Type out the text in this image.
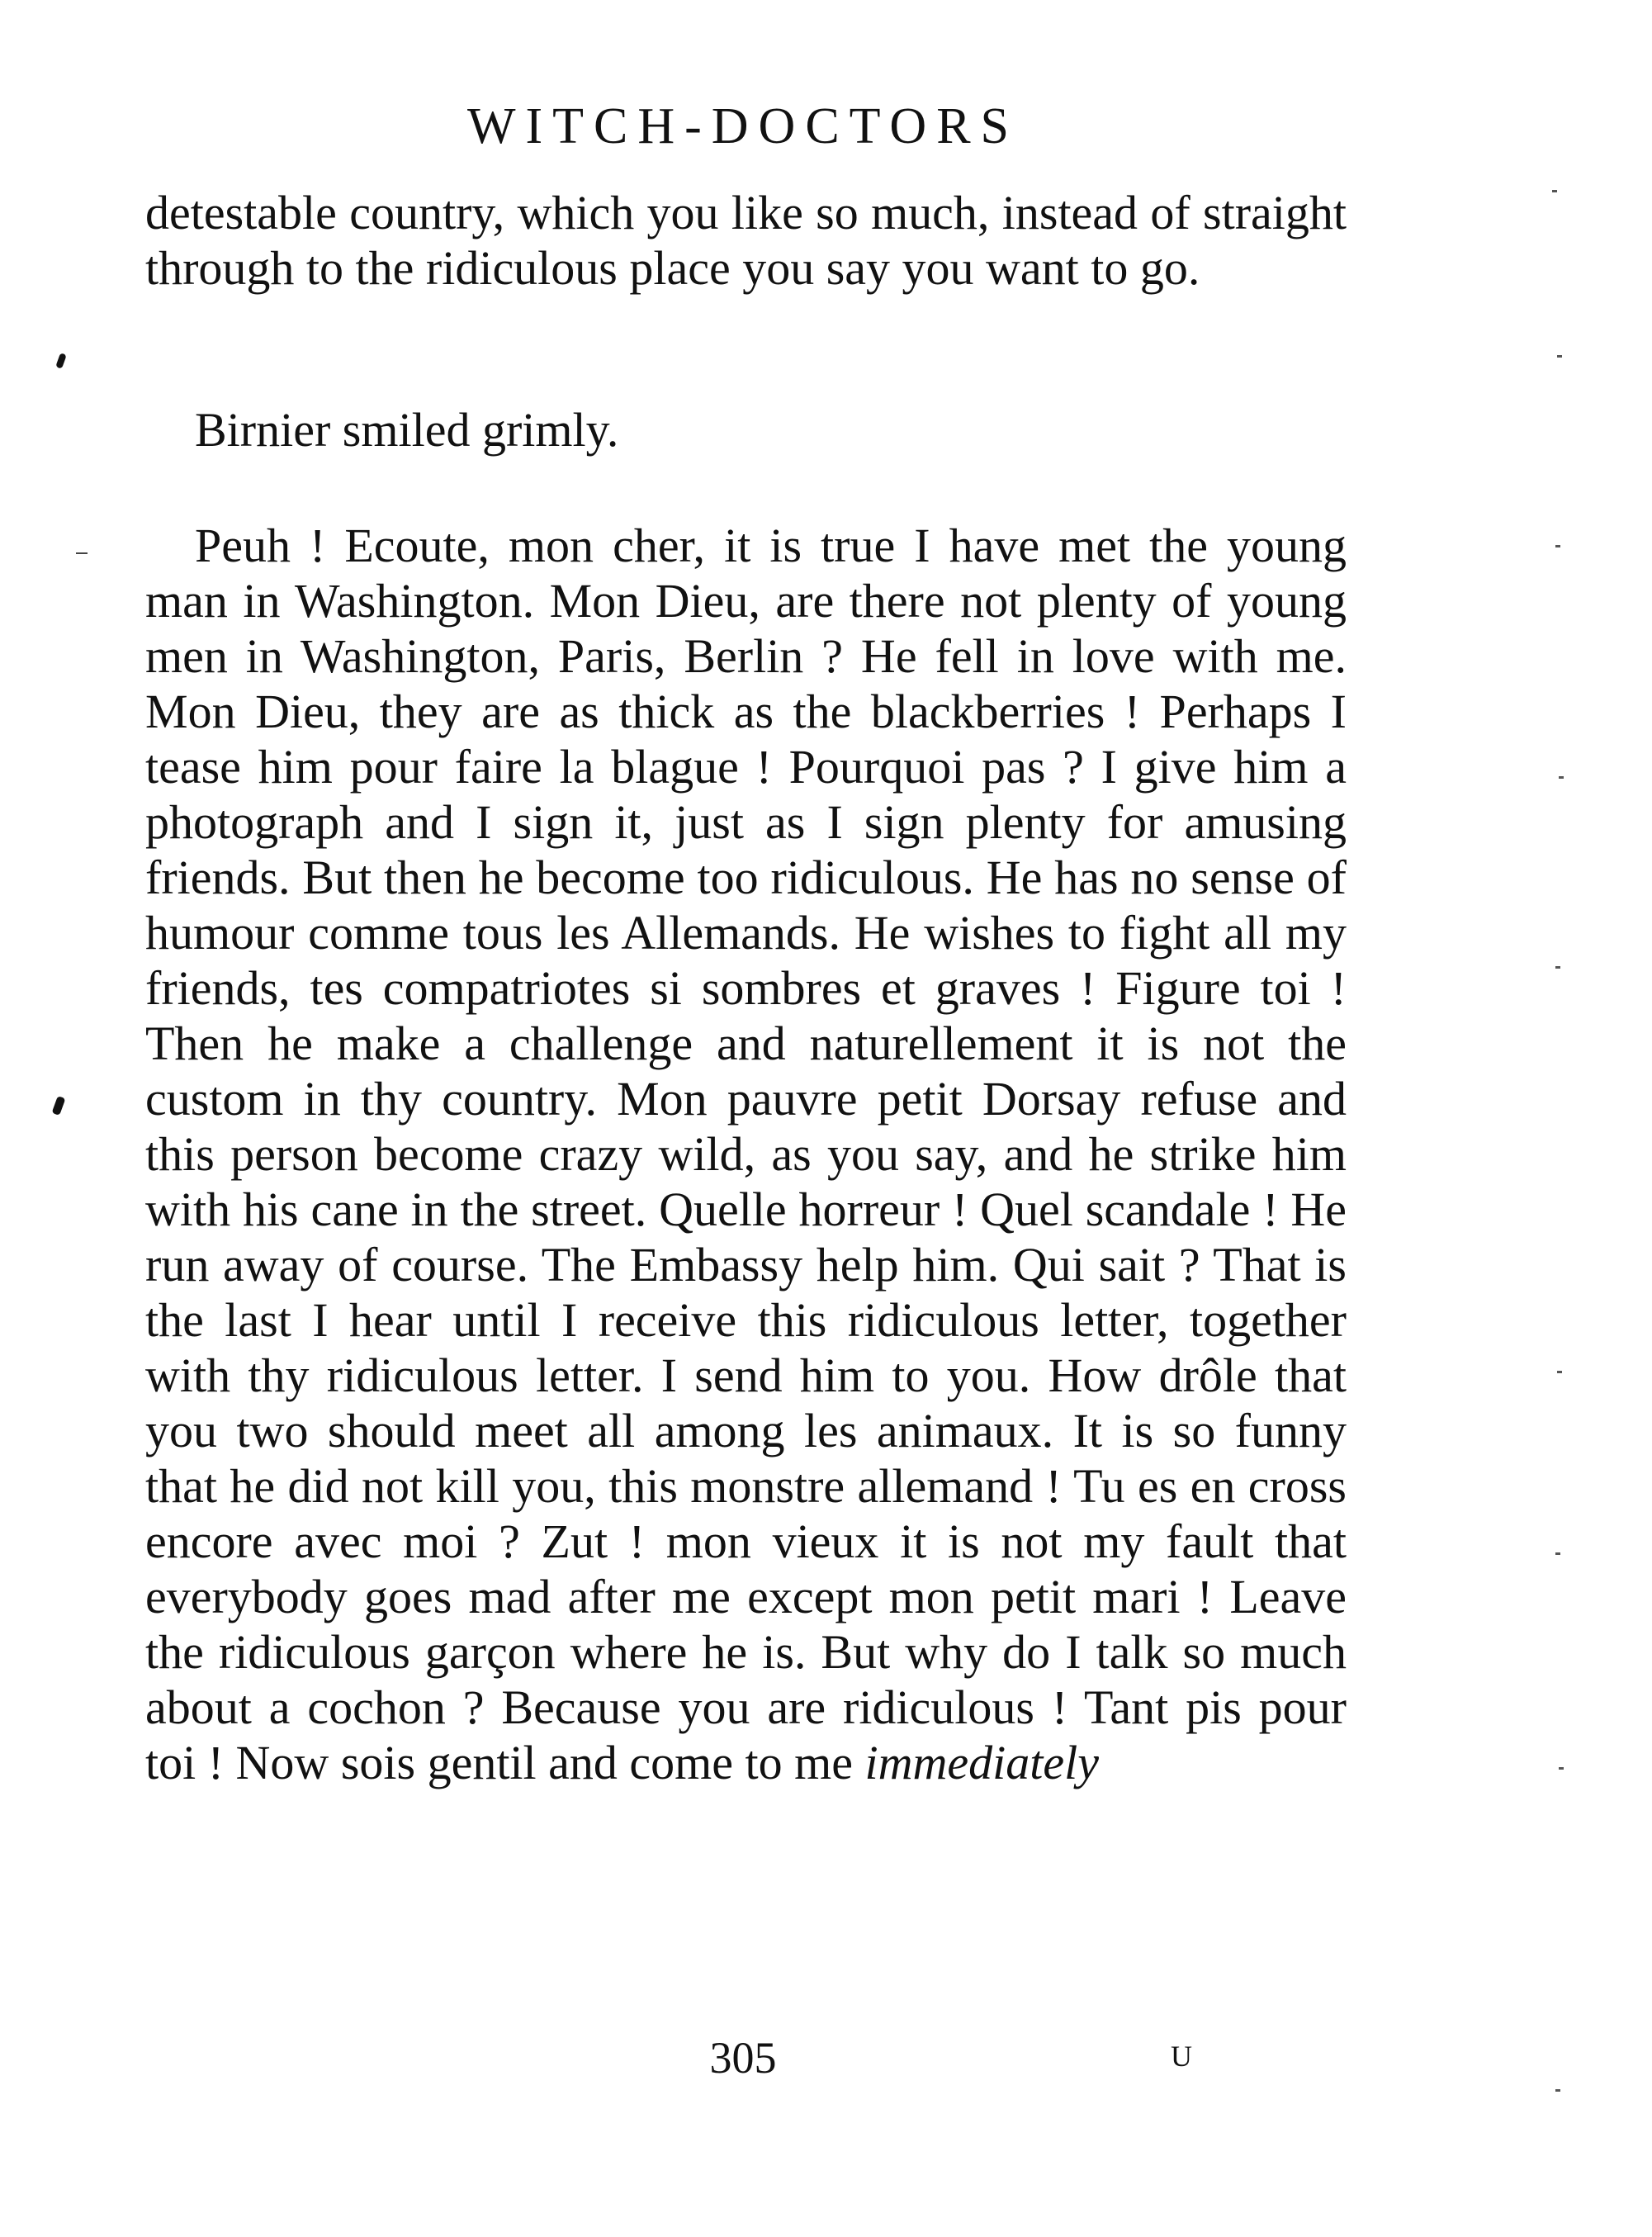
WITCH-DOCTORS

detestable country, which you like so much, instead of straight through to the ridiculous place you say you want to go.

Birnier smiled grimly.

Peuh ! Ecoute, mon cher, it is true I have met the young man in Washington. Mon Dieu, are there not plenty of young men in Washington, Paris, Berlin ? He fell in love with me. Mon Dieu, they are as thick as the blackberries ! Perhaps I tease him pour faire la blague ! Pourquoi pas ? I give him a photograph and I sign it, just as I sign plenty for amusing friends. But then he become too ridiculous. He has no sense of humour comme tous les Allemands. He wishes to fight all my friends, tes compatriotes si sombres et graves ! Figure toi ! Then he make a challenge and naturellement it is not the custom in thy country. Mon pauvre petit Dorsay refuse and this person become crazy wild, as you say, and he strike him with his cane in the street. Quelle horreur ! Quel scandale ! He run away of course. The Embassy help him. Qui sait ? That is the last I hear until I receive this ridiculous letter, together with thy ridiculous letter. I send him to you. How drôle that you two should meet all among les animaux. It is so funny that he did not kill you, this monstre allemand ! Tu es en cross encore avec moi ? Zut ! mon vieux it is not my fault that everybody goes mad after me except mon petit mari ! Leave the ridiculous garçon where he is. But why do I talk so much about a cochon ? Because you are ridiculous ! Tant pis pour toi ! Now sois gentil and come to me immediately

305	U
